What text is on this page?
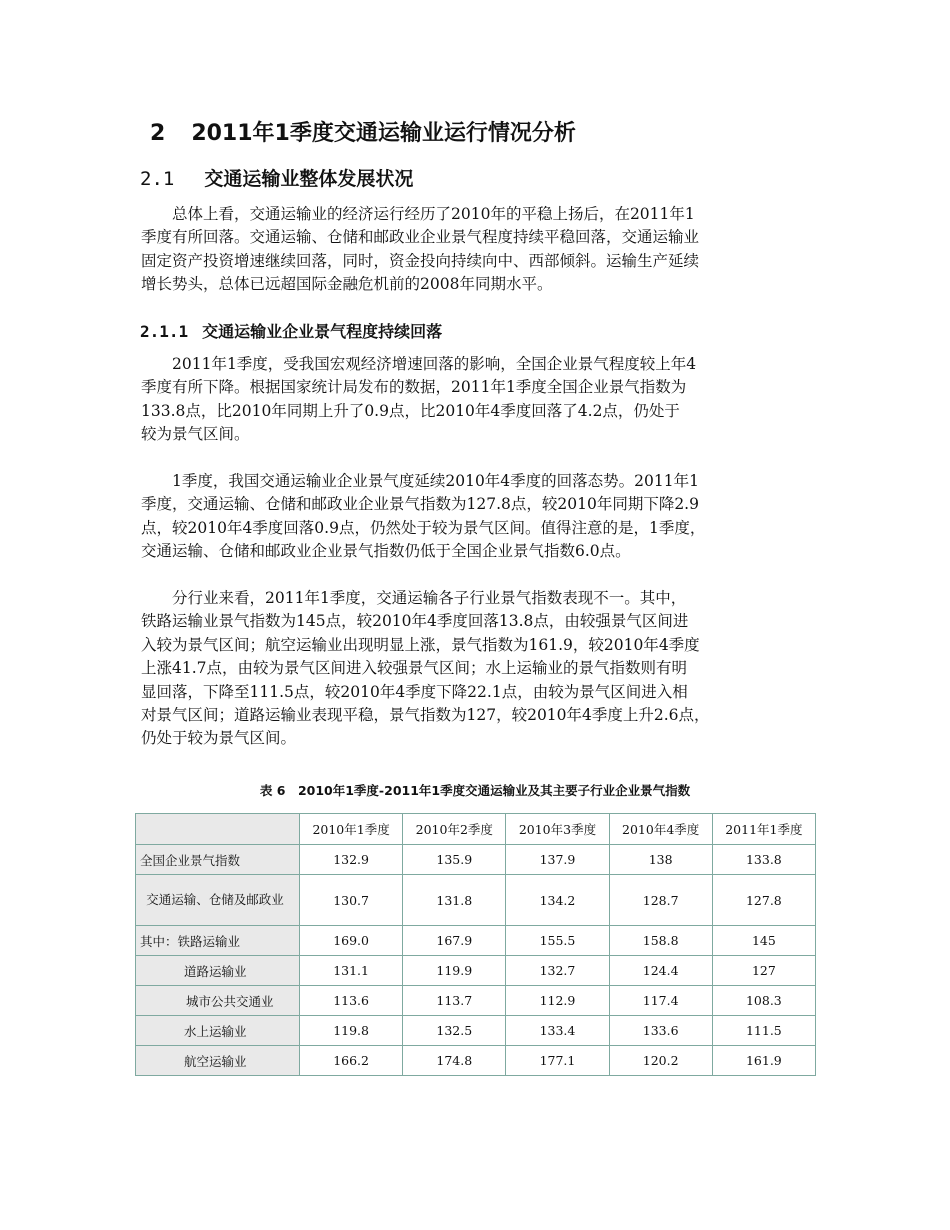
2 2011年1季度交通运输业运行情况分析
2.1 交通运输业整体发展状况
　　总体上看，交通运输业的经济运行经历了2010年的平稳上扬后，在2011年1
季度有所回落。交通运输、仓储和邮政业企业景气程度持续平稳回落，交通运输业
固定资产投资增速继续回落，同时，资金投向持续向中、西部倾斜。运输生产延续
增长势头，总体已远超国际金融危机前的2008年同期水平。
2.1.1 交通运输业企业景气程度持续回落
　　2011年1季度，受我国宏观经济增速回落的影响，全国企业景气程度较上年4
季度有所下降。根据国家统计局发布的数据，2011年1季度全国企业景气指数为
133.8点，比2010年同期上升了0.9点，比2010年4季度回落了4.2点，仍处于
较为景气区间。
　　1季度，我国交通运输业企业景气度延续2010年4季度的回落态势。2011年1
季度，交通运输、仓储和邮政业企业景气指数为127.8点，较2010年同期下降2.9
点，较2010年4季度回落0.9点，仍然处于较为景气区间。值得注意的是，1季度，
交通运输、仓储和邮政业企业景气指数仍低于全国企业景气指数6.0点。
　　分行业来看，2011年1季度，交通运输各子行业景气指数表现不一。其中，
铁路运输业景气指数为145点，较2010年4季度回落13.8点，由较强景气区间进
入较为景气区间；航空运输业出现明显上涨，景气指数为161.9，较2010年4季度
上涨41.7点，由较为景气区间进入较强景气区间；水上运输业的景气指数则有明
显回落，下降至111.5点，较2010年4季度下降22.1点，由较为景气区间进入相
对景气区间；道路运输业表现平稳，景气指数为127，较2010年4季度上升2.6点，
仍处于较为景气区间。
表 6　2010年1季度-2011年1季度交通运输业及其主要子行业企业景气指数
	2010年1季度	2010年2季度	2010年3季度	2010年4季度	2011年1季度
全国企业景气指数	132.9	135.9	137.9	138	133.8
交通运输、仓储及邮政业	130.7	131.8	134.2	128.7	127.8
其中：铁路运输业	169.0	167.9	155.5	158.8	145
道路运输业	131.1	119.9	132.7	124.4	127
城市公共交通业	113.6	113.7	112.9	117.4	108.3
水上运输业	119.8	132.5	133.4	133.6	111.5
航空运输业	166.2	174.8	177.1	120.2	161.9
